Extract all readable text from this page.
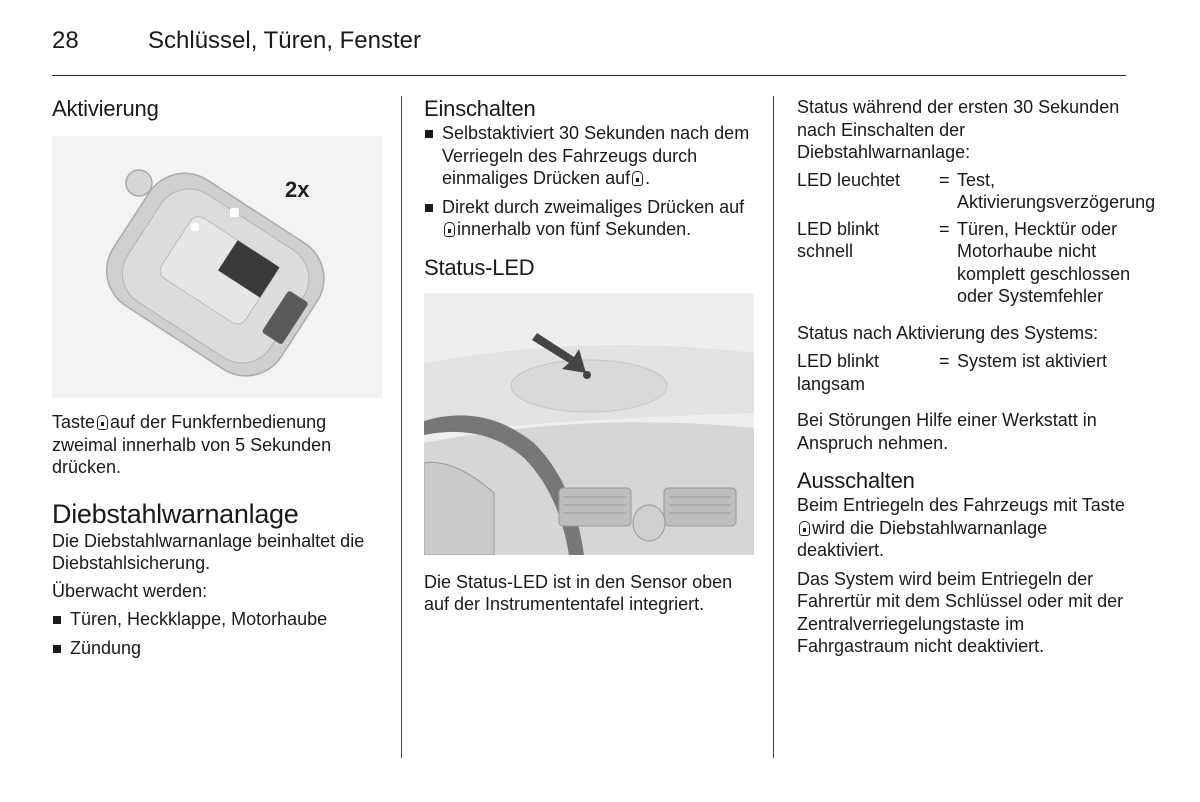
28	Schlüssel, Türen, Fenster
Aktivierung
2x

Taste auf der Funkfernbedienung zweimal innerhalb von 5 Sekunden drücken.

Diebstahlwarnanlage

Die Diebstahlwarnanlage beinhaltet die Diebstahlsicherung.

Überwacht werden:

Türen, Heckklappe, Motorhaube
Zündung
Einschalten
Selbstaktiviert 30 Sekunden nach dem Verriegeln des Fahrzeugs durch einmaliges Drücken auf .
Direkt durch zweimaliges Drücken aufinnerhalb von fünf Sekunden.
Status-LED

Die Status-LED ist in den Sensor oben auf der Instrumententafel integriert.

Status während der ersten 30 Sekunden nach Einschalten der Diebstahlwarnanlage:

LED leuchtet	= Test, Aktivierungsverzögerung
LED blinkt schnell
= Türen, Hecktür oder Motorhaube nicht komplett geschlossen oder Systemfehler

Status nach Aktivierung des Systems:

LED blinkt langsam
= System ist aktiviert

Bei Störungen Hilfe einer Werkstatt in Anspruch nehmen.

Ausschalten

Beim Entriegeln des Fahrzeugs mit Tastewird die Diebstahlwarnanlage deaktiviert.

Das System wird beim Entriegeln der Fahrertür mit dem Schlüssel oder mit der Zentralverriegelungstaste im Fahrgastraum nicht deaktiviert.
